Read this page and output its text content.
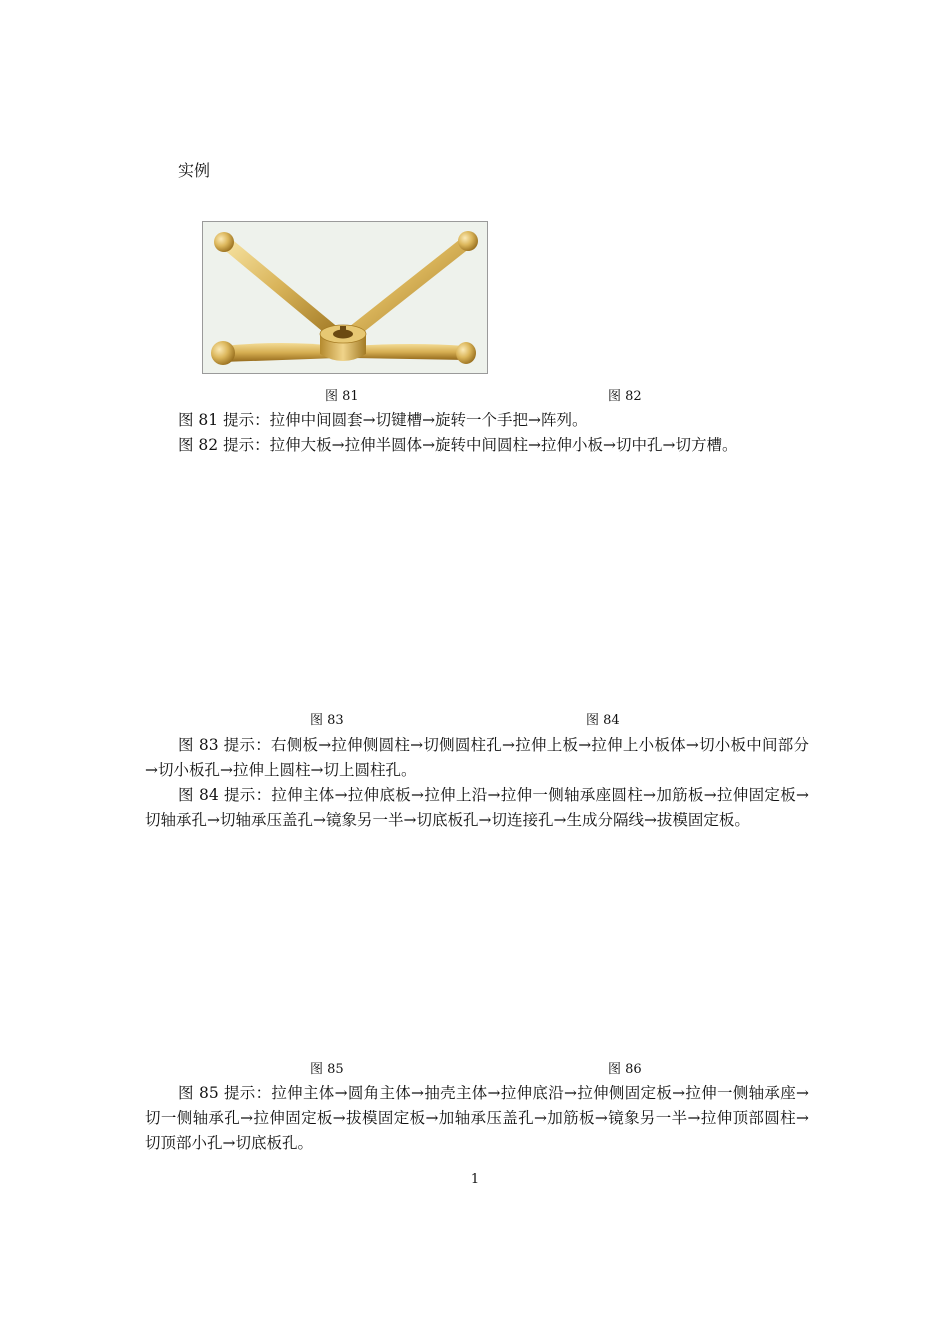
实例
图 81	图 82

图 81 提示：拉伸中间圆套→切键槽→旋转一个手把→阵列。

图 82 提示：拉伸大板→拉伸半圆体→旋转中间圆柱→拉伸小板→切中孔→切方槽。

图 83	图 84

图 83 提示：右侧板→拉伸侧圆柱→切侧圆柱孔→拉伸上板→拉伸上小板体→切小板中间部分→切小板孔→拉伸上圆柱→切上圆柱孔。

图 84 提示：拉伸主体→拉伸底板→拉伸上沿→拉伸一侧轴承座圆柱→加筋板→拉伸固定板→切轴承孔→切轴承压盖孔→镜象另一半→切底板孔→切连接孔→生成分隔线→拔模固定板。

图 85	图 86

图 85 提示：拉伸主体→圆角主体→抽壳主体→拉伸底沿→拉伸侧固定板→拉伸一侧轴承座→切一侧轴承孔→拉伸固定板→拔模固定板→加轴承压盖孔→加筋板→镜象另一半→拉伸顶部圆柱→切顶部小孔→切底板孔。

1
